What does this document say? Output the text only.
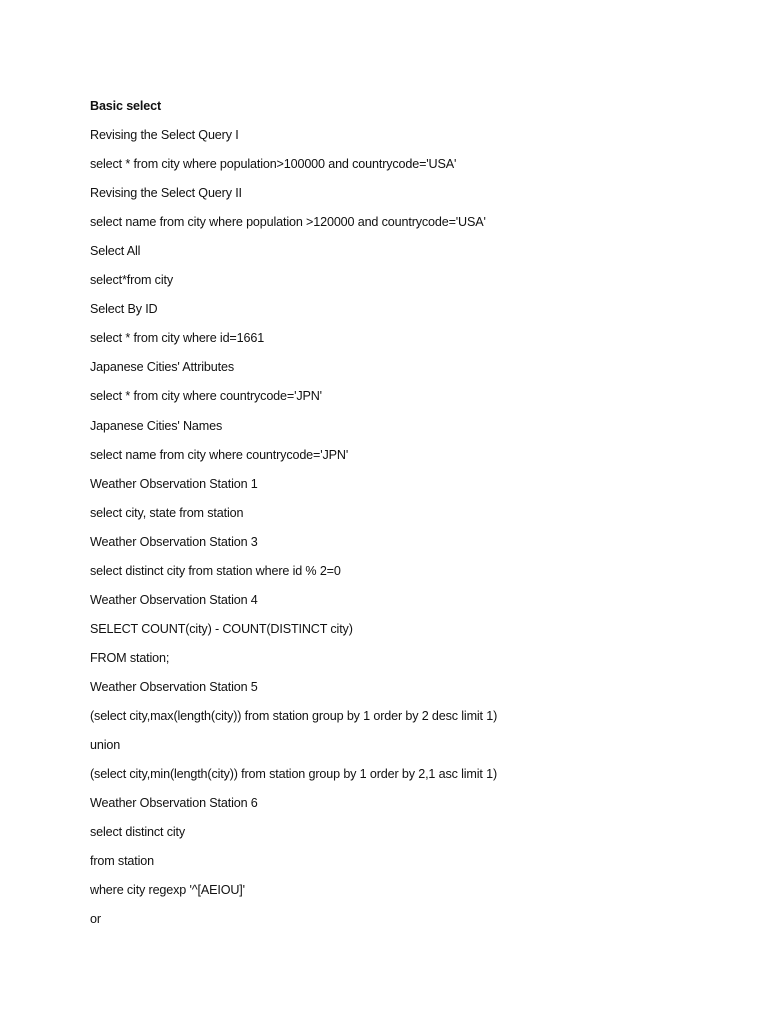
Basic select
Revising the Select Query I
select * from city where population>100000 and countrycode='USA'
Revising the Select Query II
select name from city where population >120000 and countrycode='USA'
Select All
select*from city
Select By ID
select * from city where id=1661
Japanese Cities' Attributes
select * from city where countrycode='JPN'
Japanese Cities' Names
select name from city where countrycode='JPN'
Weather Observation Station 1
select city, state from station
Weather Observation Station 3
select distinct city from station where id % 2=0
Weather Observation Station 4
SELECT COUNT(city) - COUNT(DISTINCT city)
FROM station;
Weather Observation Station 5
(select city,max(length(city)) from station group by 1 order by 2 desc limit 1)
union
(select city,min(length(city)) from station group by 1 order by 2,1 asc limit 1)
Weather Observation Station 6
select distinct city
from station
where city regexp '^[AEIOU]'
or
